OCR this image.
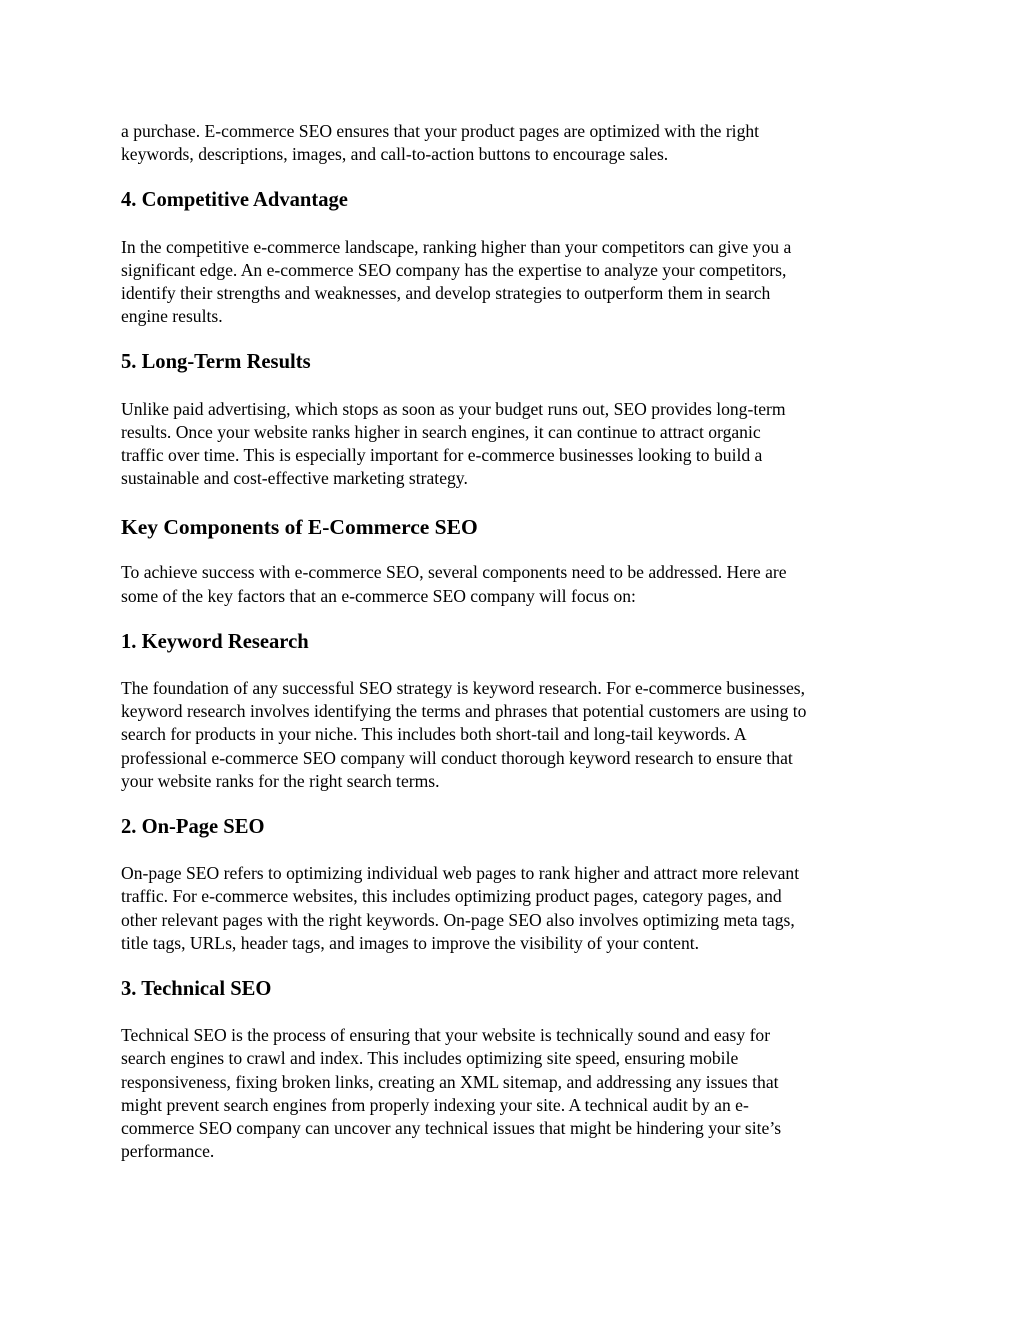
a purchase. E-commerce SEO ensures that your product pages are optimized with the right
keywords, descriptions, images, and call-to-action buttons to encourage sales.

4. Competitive Advantage

In the competitive e-commerce landscape, ranking higher than your competitors can give you a
significant edge. An e-commerce SEO company has the expertise to analyze your competitors,
identify their strengths and weaknesses, and develop strategies to outperform them in search
engine results.

5. Long-Term Results

Unlike paid advertising, which stops as soon as your budget runs out, SEO provides long-term
results. Once your website ranks higher in search engines, it can continue to attract organic
traffic over time. This is especially important for e-commerce businesses looking to build a
sustainable and cost-effective marketing strategy.

Key Components of E-Commerce SEO

To achieve success with e-commerce SEO, several components need to be addressed. Here are
some of the key factors that an e-commerce SEO company will focus on:

1. Keyword Research

The foundation of any successful SEO strategy is keyword research. For e-commerce businesses,
keyword research involves identifying the terms and phrases that potential customers are using to
search for products in your niche. This includes both short-tail and long-tail keywords. A
professional e-commerce SEO company will conduct thorough keyword research to ensure that
your website ranks for the right search terms.

2. On-Page SEO

On-page SEO refers to optimizing individual web pages to rank higher and attract more relevant
traffic. For e-commerce websites, this includes optimizing product pages, category pages, and
other relevant pages with the right keywords. On-page SEO also involves optimizing meta tags,
title tags, URLs, header tags, and images to improve the visibility of your content.

3. Technical SEO

Technical SEO is the process of ensuring that your website is technically sound and easy for
search engines to crawl and index. This includes optimizing site speed, ensuring mobile
responsiveness, fixing broken links, creating an XML sitemap, and addressing any issues that
might prevent search engines from properly indexing your site. A technical audit by an e-
commerce SEO company can uncover any technical issues that might be hindering your site’s
performance.
